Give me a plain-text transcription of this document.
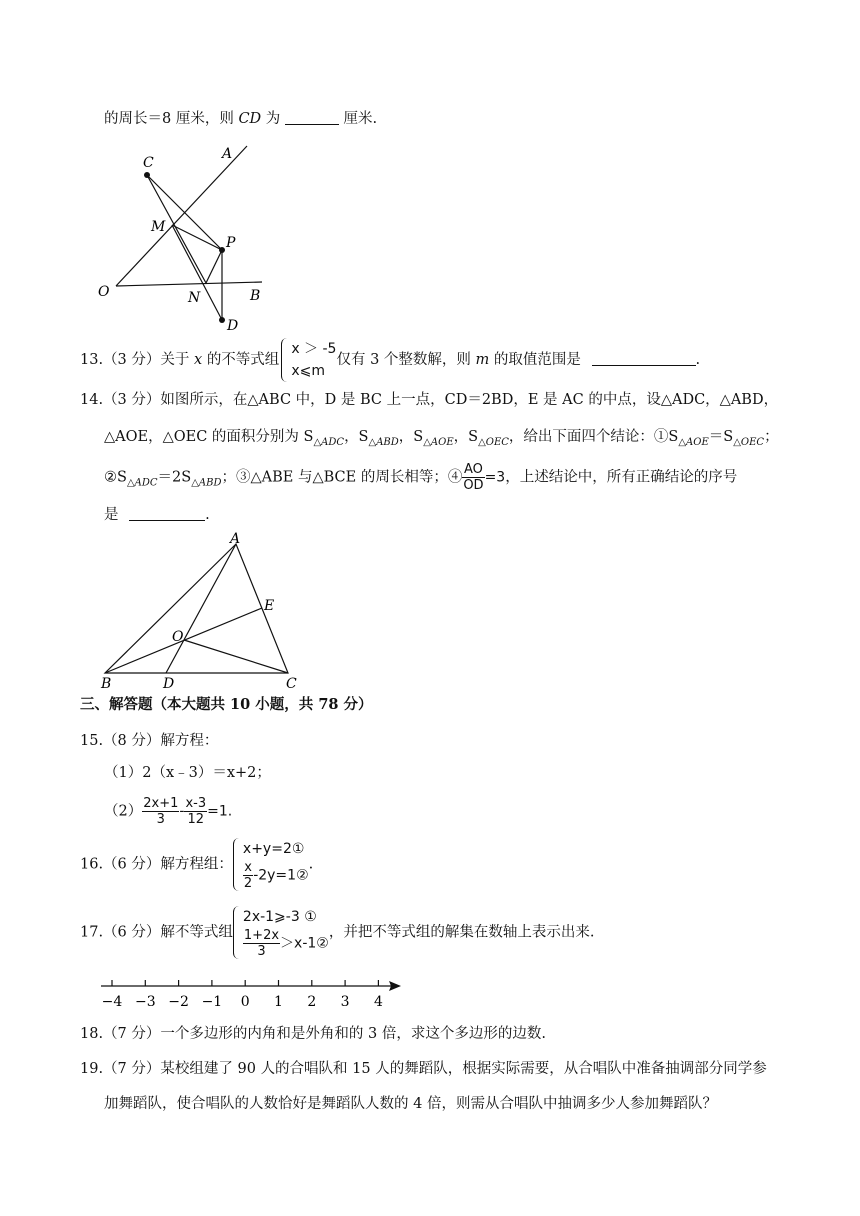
的周长＝8 厘米，则 CD 为	厘米.
C
A
M
P
O	N	B
D
13.（3 分）关于 x 的不等式组
x ＞ -5
x⩽m
仅有 3 个整数解，则 m 的取值范围是	.
14.（3 分）如图所示，在△ABC 中，D 是 BC 上一点，CD＝2BD，E 是 AC 的中点，设△ADC，△ABD，
△AOE，△OEC 的面积分别为 $S_{\triangle ADC}$，$S_{\triangle ABD}$，$S_{\triangle AOE}$，$S_{\triangle OEC}$，给出下面四个结论：$①S_{\triangle AOE}=S_{\triangle OEC}$；
$②S_{\triangle ADC}=2S_{\triangle ABD}$；③△ABE 与△BCE 的周长相等；④ $\frac{AO}{OD} =3$，上述结论中，所有正确结论的序号
是	.
A
E
O
B	D	C
三、解答题（本大题共 10 小题，共 78 分）
15.（8 分）解方程：
（1）2（x﹣3）＝x+2；
$(2) \frac{2x+1}{3} - \frac{x-3}{12} =1$.
16.（6 分）解方程组：
x+y=2①
$\frac{x}{2}$ -2y=1②
.
17.（6 分）解不等式组
2x-1⩾-3 ①
$\frac{1+2x}{3}$ ＞x-1②
，并把不等式组的解集在数轴上表示出来.
−4 −3 −2 −1 0 1 2 3 4
18.（7 分）一个多边形的内角和是外角和的 3 倍，求这个多边形的边数.
19.（7 分）某校组建了 90 人的合唱队和 15 人的舞蹈队，根据实际需要，从合唱队中准备抽调部分同学参
加舞蹈队，使合唱队的人数恰好是舞蹈队人数的 4 倍，则需从合唱队中抽调多少人参加舞蹈队？
